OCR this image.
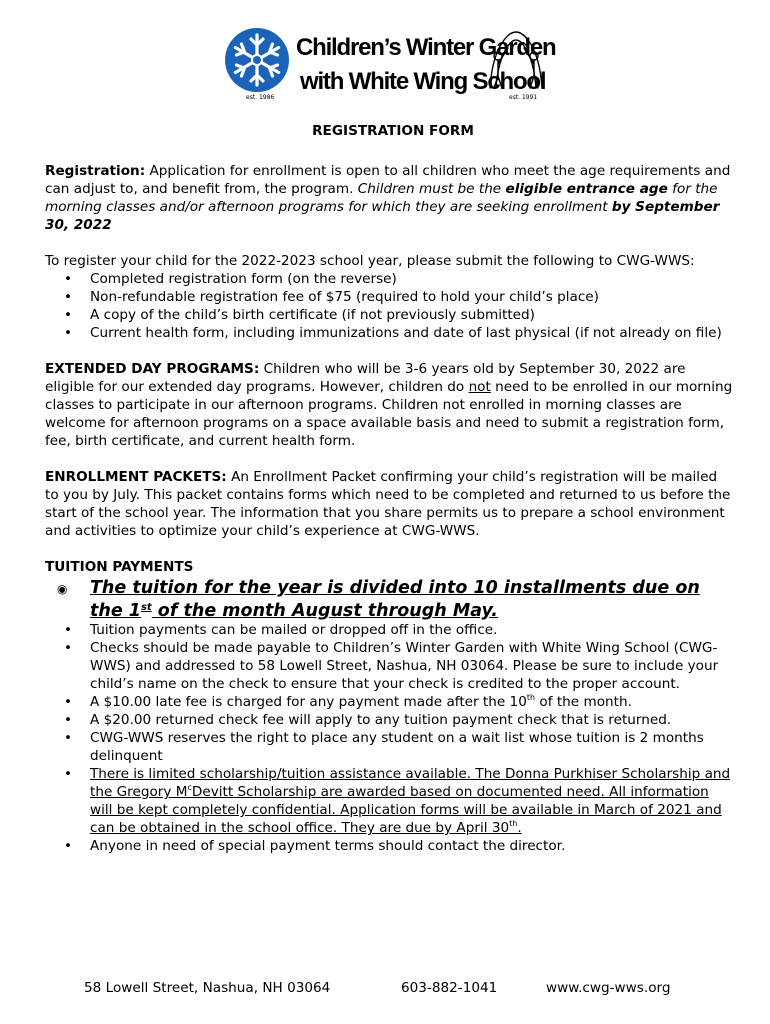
est. 1986
Children’s Winter Garden
with White Wing School
est. 1991
REGISTRATION FORM

Registration: Application for enrollment is open to all children who meet the age requirements and can adjust to, and benefit from, the program. Children must be the eligible entrance age for the morning classes and/or afternoon programs for which they are seeking enrollment by September 30, 2022

To register your child for the 2022-2023 school year, please submit the following to CWG-WWS:

• Completed registration form (on the reverse)
• Non-refundable registration fee of $75 (required to hold your child’s place)
• A copy of the child’s birth certificate (if not previously submitted)
• Current health form, including immunizations and date of last physical (if not already on file)

EXTENDED DAY PROGRAMS: Children who will be 3-6 years old by September 30, 2022 are eligible for our extended day programs. However, children do not need to be enrolled in our morning classes to participate in our afternoon programs. Children not enrolled in morning classes are welcome for afternoon programs on a space available basis and need to submit a registration form, fee, birth certificate, and current health form.

ENROLLMENT PACKETS: An Enrollment Packet confirming your child’s registration will be mailed to you by July. This packet contains forms which need to be completed and returned to us before the start of the school year. The information that you share permits us to prepare a school environment and activities to optimize your child’s experience at CWG-WWS.

TUITION PAYMENTS

◉ The tuition for the year is divided into 10 installments due on the 1st of the month August through May.
• Tuition payments can be mailed or dropped off in the office.
• Checks should be made payable to Children’s Winter Garden with White Wing School (CWG-WWS) and addressed to 58 Lowell Street, Nashua, NH 03064. Please be sure to include your child’s name on the check to ensure that your check is credited to the proper account.
• A $10.00 late fee is charged for any payment made after the 10th of the month.
• A $20.00 returned check fee will apply to any tuition payment check that is returned.
• CWG-WWS reserves the right to place any student on a wait list whose tuition is 2 months delinquent
• There is limited scholarship/tuition assistance available. The Donna Purkhiser Scholarship and the Gregory $M^cDevitt$ Scholarship are awarded based on documented need. All information will be kept completely confidential. Application forms will be available in March of 2021 and can be obtained in the school office. They are due by April 30th.
• Anyone in need of special payment terms should contact the director.
58 Lowell Street, Nashua, NH 03064	603-882-1041	www.cwg-wws.org
